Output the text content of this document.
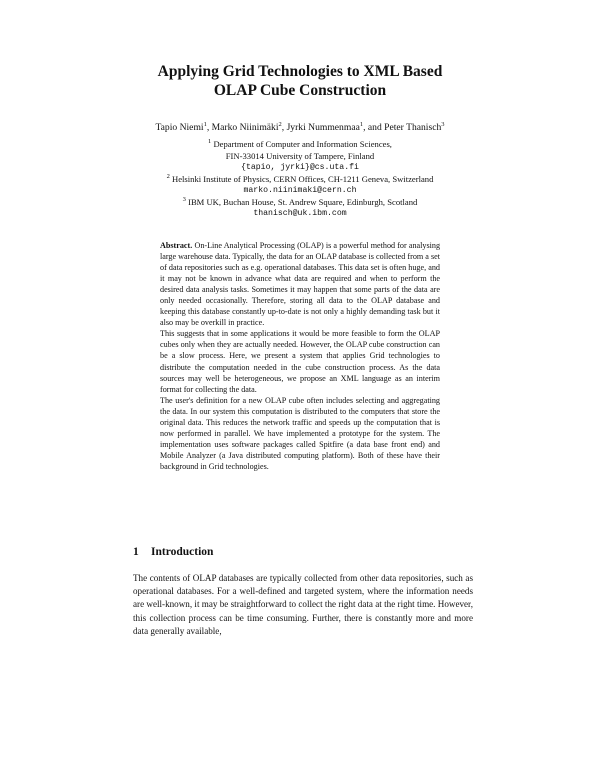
Applying Grid Technologies to XML Based
OLAP Cube Construction
Tapio Niemi$^1$, Marko Niinimäki$^2$, Jyrki Nummenmaa$^1$, and Peter Thanisch$^3$
$^1$ Department of Computer and Information Sciences,
FIN-33014 University of Tampere, Finland
{tapio, jyrki}@cs.uta.fi
$^2$ Helsinki Institute of Physics, CERN Offices, CH-1211 Geneva, Switzerland
marko.niinimaki@cern.ch
$^3$ IBM UK, Buchan House, St. Andrew Square, Edinburgh, Scotland
thanisch@uk.ibm.com

Abstract. On-Line Analytical Processing (OLAP) is a powerful method for analysing large warehouse data. Typically, the data for an OLAP database is collected from a set of data repositories such as e.g. operational databases. This data set is often huge, and it may not be known in advance what data are required and when to perform the desired data analysis tasks. Sometimes it may happen that some parts of the data are only needed occasionally. Therefore, storing all data to the OLAP database and keeping this database constantly up-to-date is not only a highly demanding task but it also may be overkill in practice.

This suggests that in some applications it would be more feasible to form the OLAP cubes only when they are actually needed. However, the OLAP cube construction can be a slow process. Here, we present a system that applies Grid technologies to distribute the computation needed in the cube construction process. As the data sources may well be heterogeneous, we propose an XML language as an interim format for collecting the data.

The user's definition for a new OLAP cube often includes selecting and aggregating the data. In our system this computation is distributed to the computers that store the original data. This reduces the network traffic and speeds up the computation that is now performed in parallel. We have implemented a prototype for the system. The implementation uses software packages called Spitfire (a data base front end) and Mobile Analyzer (a Java distributed computing platform). Both of these have their background in Grid technologies.

1 Introduction

The contents of OLAP databases are typically collected from other data repositories, such as operational databases. For a well-defined and targeted system, where the information needs are well-known, it may be straightforward to collect the right data at the right time. However, this collection process can be time consuming. Further, there is constantly more and more data generally available,
